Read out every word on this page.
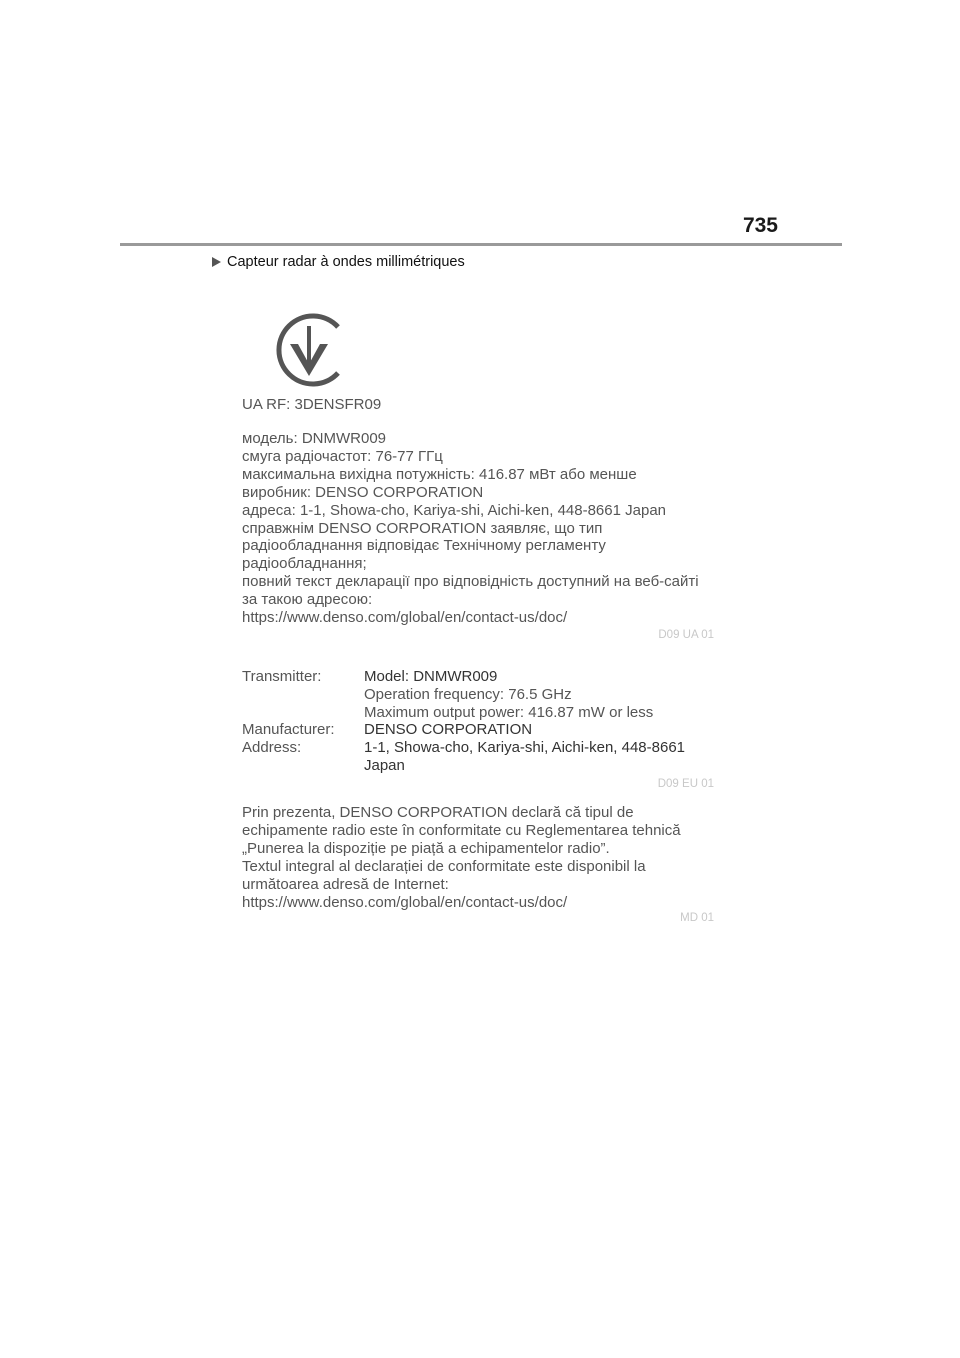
735
Capteur radar à ondes millimétriques
UA RF: 3DENSFR09
модель: DNMWR009
смуга радіочастот: 76-77 ГГц
максимальна вихідна потужність: 416.87 мВт або менше
виробник: DENSO CORPORATION
адреса: 1-1, Showa-cho, Kariya-shi, Aichi-ken, 448-8661 Japan
справжнім DENSO CORPORATION заявляє, що тип
радіообладнання відповідає Технічному регламенту
радіообладнання;
повний текст декларації про відповідність доступний на веб-сайті
за такою адресою:
https://www.denso.com/global/en/contact-us/doc/
D09 UA 01
Transmitter:	Model: DNMWR009
Operation frequency: 76.5 GHz
Maximum output power: 416.87 mW or less
Manufacturer:	DENSO CORPORATION
Address:	1-1, Showa-cho, Kariya-shi, Aichi-ken, 448-8661
Japan
D09 EU 01
Prin prezenta, DENSO CORPORATION declară că tipul de
echipamente radio este în conformitate cu Reglementarea tehnică
„Punerea la dispoziție pe piață a echipamentelor radio”.
Textul integral al declarației de conformitate este disponibil la
următoarea adresă de Internet:
https://www.denso.com/global/en/contact-us/doc/
MD 01
